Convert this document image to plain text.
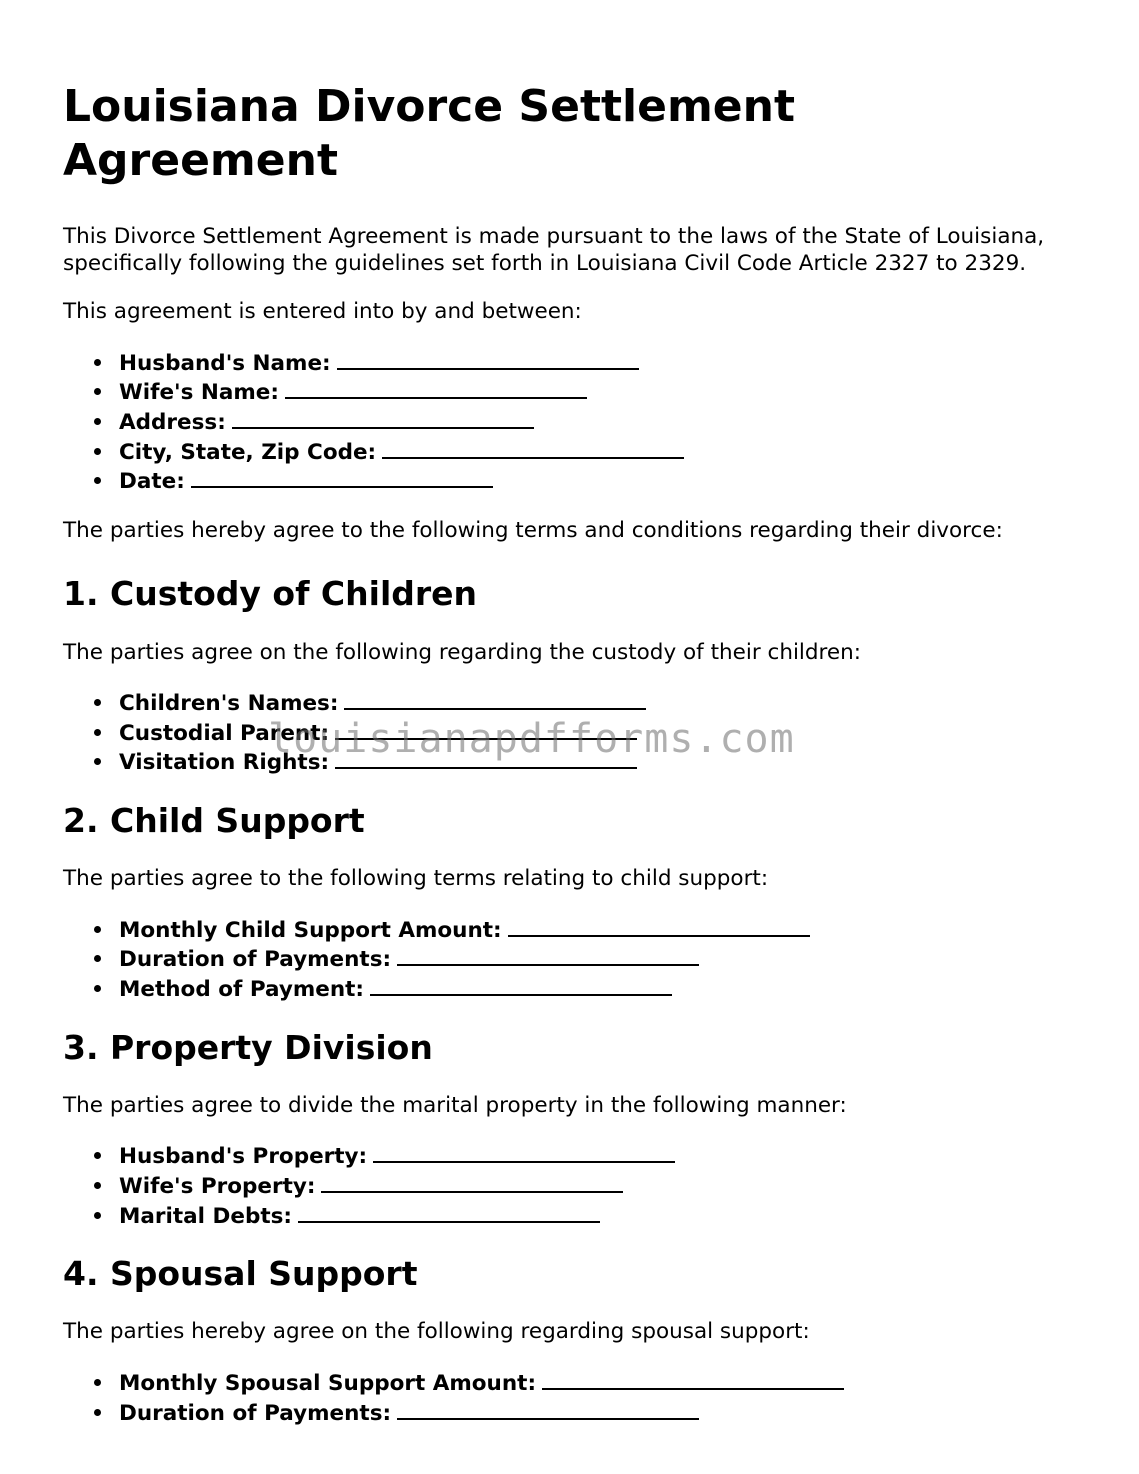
Louisiana Divorce Settlement Agreement

This Divorce Settlement Agreement is made pursuant to the laws of the State of Louisiana, specifically following the guidelines set forth in Louisiana Civil Code Article 2327 to 2329.

This agreement is entered into by and between:

Husband's Name:
Wife's Name:
Address:
City, State, Zip Code:
Date:

The parties hereby agree to the following terms and conditions regarding their divorce:

1. Custody of Children

The parties agree on the following regarding the custody of their children:

Children's Names:
Custodial Parent:
Visitation Rights:
2. Child Support

The parties agree to the following terms relating to child support:

Monthly Child Support Amount:
Duration of Payments:
Method of Payment:
3. Property Division

The parties agree to divide the marital property in the following manner:

Husband's Property:
Wife's Property:
Marital Debts:
4. Spousal Support

The parties hereby agree on the following regarding spousal support:

Monthly Spousal Support Amount:
Duration of Payments:
louisianapdfforms.com
